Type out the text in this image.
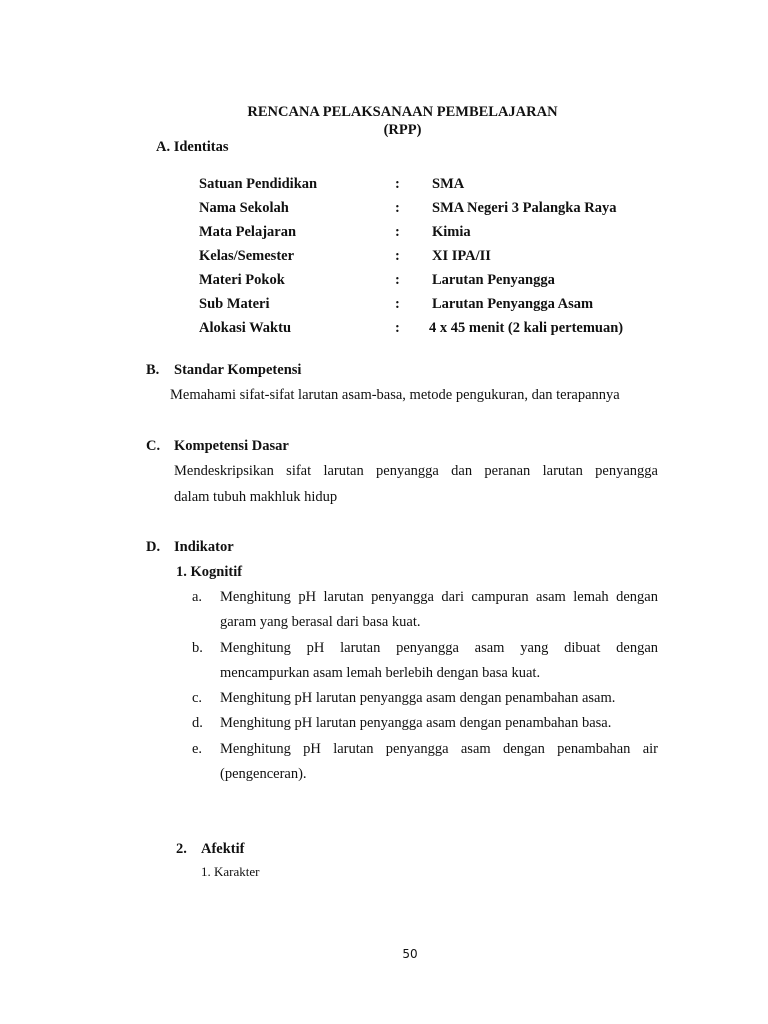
RENCANA PELAKSANAAN PEMBELAJARAN
(RPP)
A. Identitas
Satuan Pendidikan	: SMA
Nama Sekolah	: SMA Negeri 3 Palangka Raya
Mata Pelajaran	: Kimia
Kelas/Semester	: XI IPA/II
Materi Pokok	: Larutan Penyangga
Sub Materi	: Larutan Penyangga Asam
Alokasi Waktu	: 4 x 45 menit (2 kali pertemuan)
B. Standar Kompetensi
Memahami sifat-sifat larutan asam-basa, metode pengukuran, dan terapannya
C. Kompetensi Dasar
Mendeskripsikan sifat larutan penyangga dan peranan larutan penyangga
dalam tubuh makhluk hidup
D. Indikator
1. Kognitif
a. Menghitung pH larutan penyangga dari campuran asam lemah dengan
garam yang berasal dari basa kuat.
b. Menghitung pH larutan penyangga asam yang dibuat dengan
mencampurkan asam lemah berlebih dengan basa kuat.
c. Menghitung pH larutan penyangga asam dengan penambahan asam.
d. Menghitung pH larutan penyangga asam dengan penambahan basa.
e. Menghitung pH larutan penyangga asam dengan penambahan air
(pengenceran).
2. Afektif
1. Karakter
50
